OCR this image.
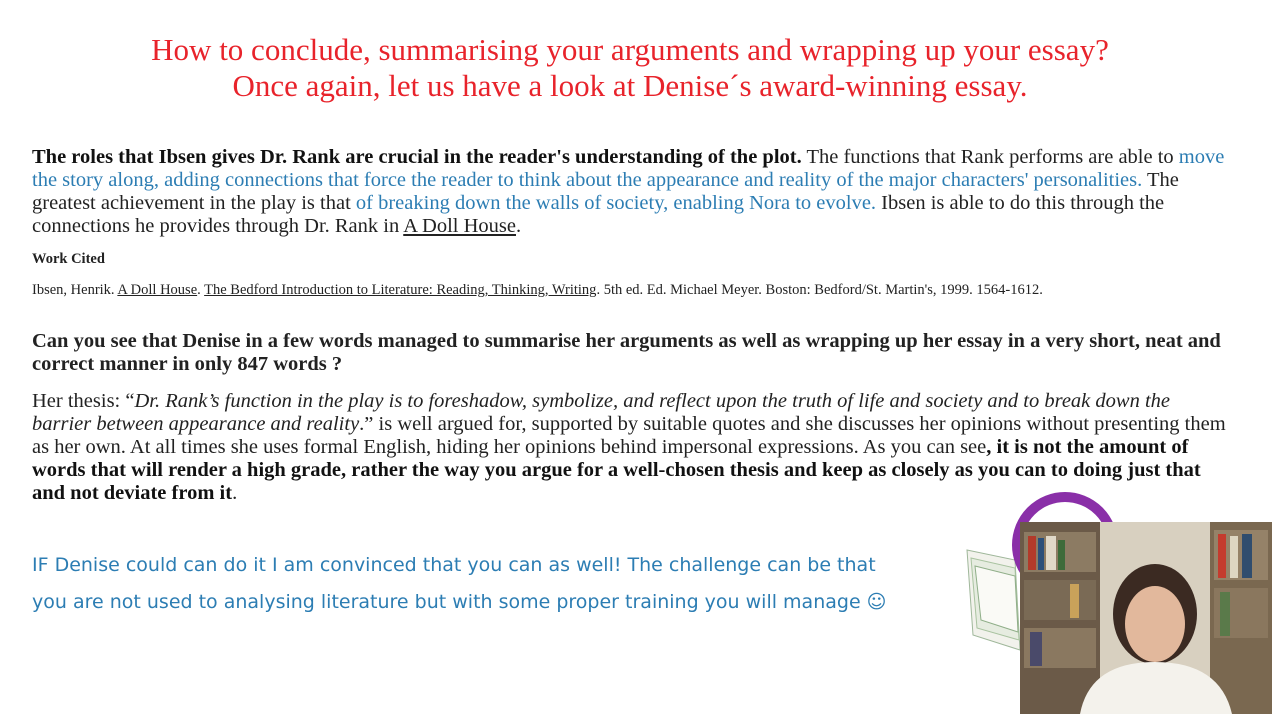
How to conclude, summarising your arguments and wrapping up your essay?
Once again, let us have a look at Denise´s award-winning essay.
The roles that Ibsen gives Dr. Rank are crucial in the reader's understanding of the plot. The functions that Rank performs are able to move the story along, adding connections that force the reader to think about the appearance and reality of the major characters' personalities. The greatest achievement in the play is that of breaking down the walls of society, enabling Nora to evolve. Ibsen is able to do this through the connections he provides through Dr. Rank in A Doll House.
Work Cited
Ibsen, Henrik. A Doll House. The Bedford Introduction to Literature: Reading, Thinking, Writing. 5th ed. Ed. Michael Meyer. Boston: Bedford/St. Martin's, 1999. 1564-1612.
Can you see that Denise in a few words managed to summarise her arguments as well as wrapping up her essay in a very short, neat and correct manner in only 847 words ?
Her thesis: “Dr. Rank’s function in the play is to foreshadow, symbolize, and reflect upon the truth of life and society and to break down the barrier between appearance and reality.” is well argued for, supported by suitable quotes and she discusses her opinions without presenting them as her own. At all times she uses formal English, hiding her opinions behind impersonal expressions. As you can see, it is not the amount of words that will render a high grade, rather the way you argue for a well-chosen thesis and keep as closely as you can to doing just that and not deviate from it.
IF Denise could can do it I am convinced that you can as well! The challenge can be that
you are not used to analysing literature but with some proper training you will manage ☺
